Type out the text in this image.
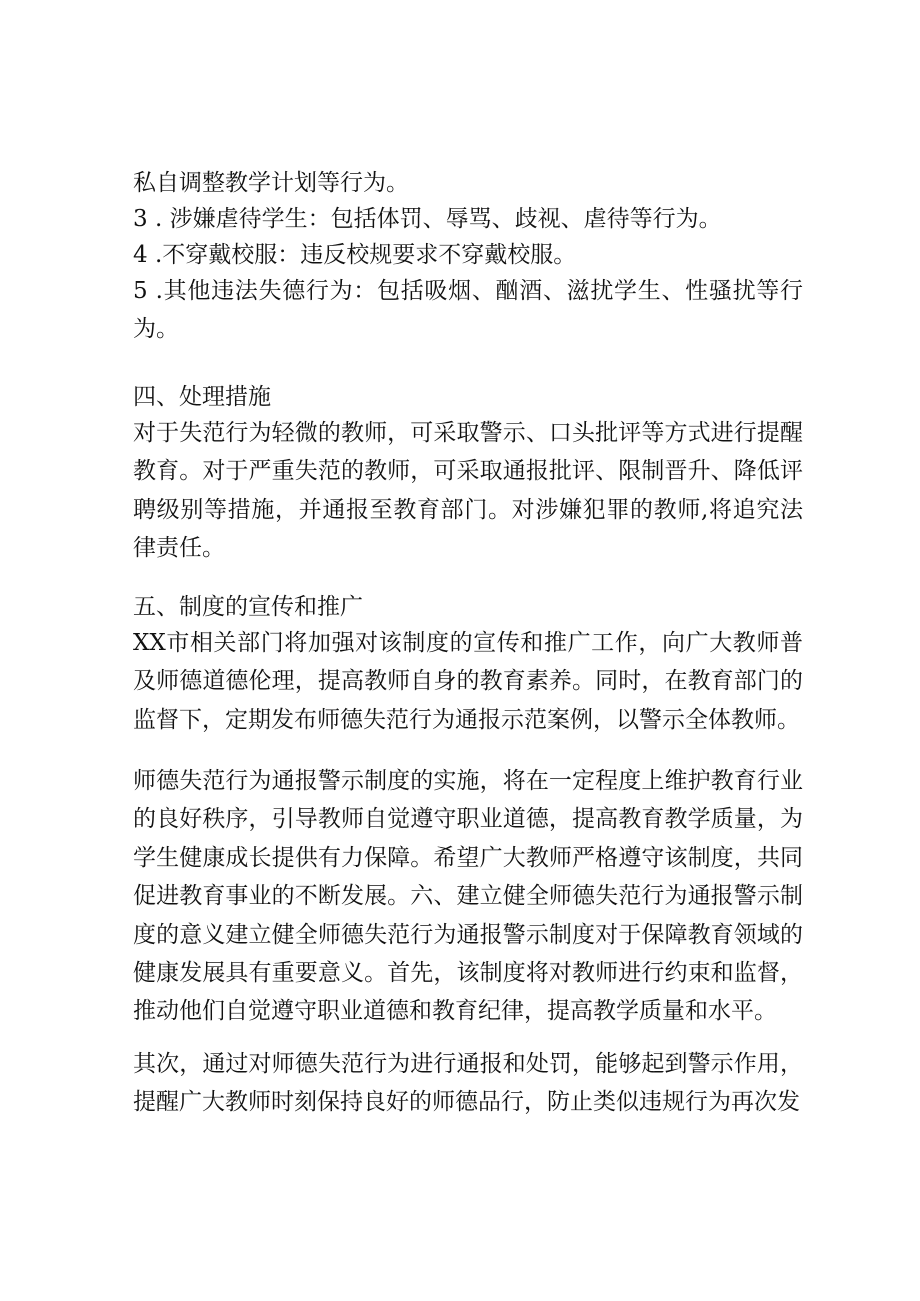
私自调整教学计划等行为。

3 . 涉嫌虐待学生：包括体罚、辱骂、歧视、虐待等行为。

4 .不穿戴校服：违反校规要求不穿戴校服。

5 .其他违法失德行为：包括吸烟、酗酒、滋扰学生、性骚扰等行为。

四、处理措施

对于失范行为轻微的教师，可采取警示、口头批评等方式进行提醒教育。对于严重失范的教师，可采取通报批评、限制晋升、降低评聘级别等措施，并通报至教育部门。对涉嫌犯罪的教师,将追究法律责任。

五、制度的宣传和推广

XX市相关部门将加强对该制度的宣传和推广工作，向广大教师普及师德道德伦理，提高教师自身的教育素养。同时，在教育部门的监督下，定期发布师德失范行为通报示范案例，以警示全体教师。

师德失范行为通报警示制度的实施，将在一定程度上维护教育行业的良好秩序，引导教师自觉遵守职业道德，提高教育教学质量，为学生健康成长提供有力保障。希望广大教师严格遵守该制度，共同促进教育事业的不断发展。六、建立健全师德失范行为通报警示制度的意义建立健全师德失范行为通报警示制度对于保障教育领域的健康发展具有重要意义。首先，该制度将对教师进行约束和监督，推动他们自觉遵守职业道德和教育纪律，提高教学质量和水平。

其次，通过对师德失范行为进行通报和处罚，能够起到警示作用，提醒广大教师时刻保持良好的师德品行，防止类似违规行为再次发
